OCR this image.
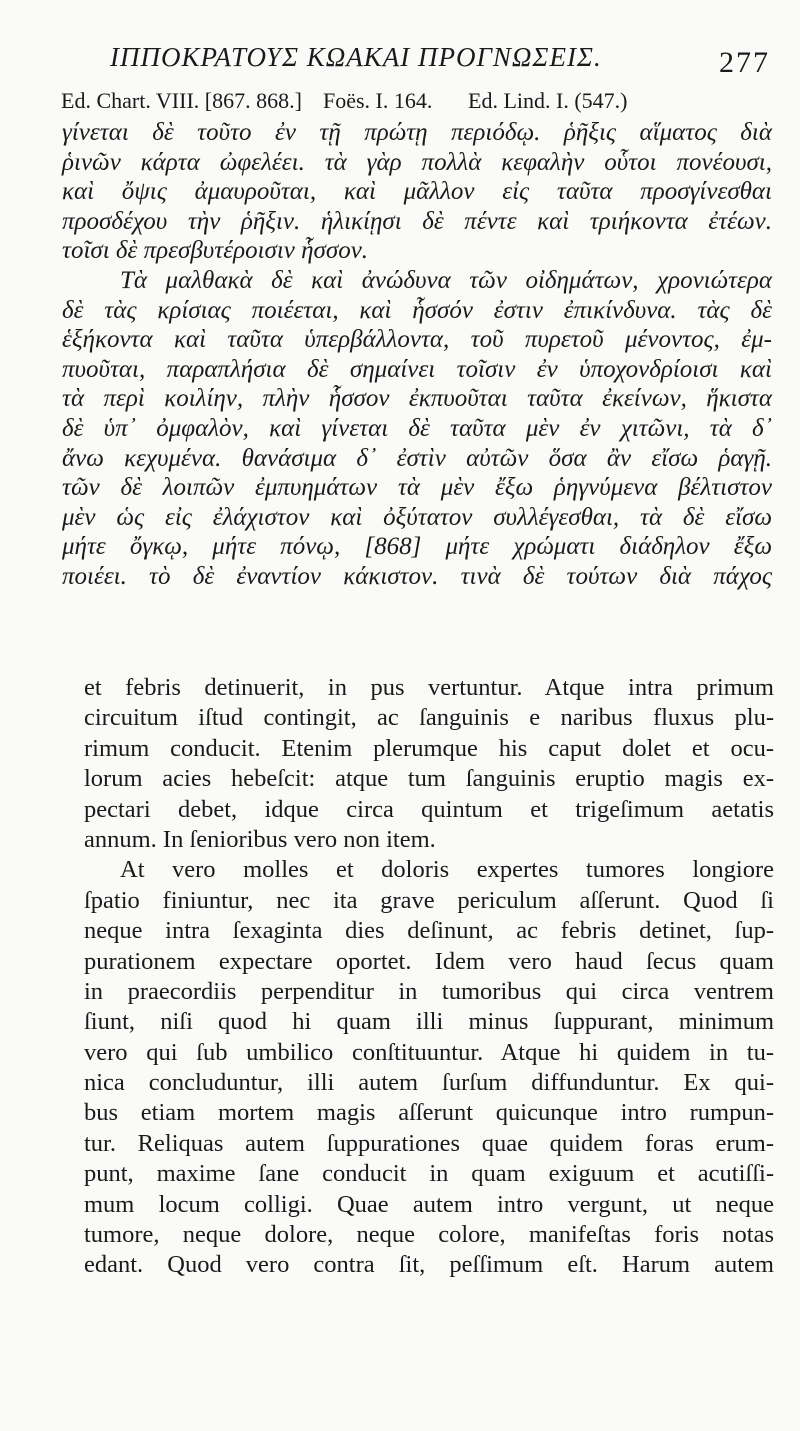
ΙΠΠΟΚΡΑΤΟΥΣ ΚΩΑΚΑΙ ΠΡΟΓΝΩΣΕΙΣ.	277
Ed. Chart. VIII. [867. 868.] Foës. I. 164. Ed. Lind. I. (547.)
γίνεται δὲ τοῦτο ἐν τῇ πρώτῃ περιόδῳ. ῥῆξις αἵματος διὰ
ῥινῶν κάρτα ὠφελέει. τὰ γὰρ πολλὰ κεφαλὴν οὗτοι πονέουσι,
καὶ ὄψις ἀμαυροῦται, καὶ μᾶλλον εἰς ταῦτα προσγίνεσθαι
προσδέχου τὴν ῥῆξιν. ἡλικίῃσι δὲ πέντε καὶ τριήκοντα ἐτέων.
τοῖσι δὲ πρεσβυτέροισιν ἧσσον.
Τὰ μαλθακὰ δὲ καὶ ἀνώδυνα τῶν οἰδημάτων, χρονιώτερα
δὲ τὰς κρίσιας ποιέεται, καὶ ἧσσόν ἐστιν ἐπικίνδυνα. τὰς δὲ
ἑξήκοντα καὶ ταῦτα ὑπερβάλλοντα, τοῦ πυρετοῦ μένοντος, ἐμ-
πυοῦται, παραπλήσια δὲ σημαίνει τοῖσιν ἐν ὑποχονδρίοισι καὶ
τὰ περὶ κοιλίην, πλὴν ἧσσον ἐκπυοῦται ταῦτα ἐκείνων, ἥκιστα
δὲ ὑπ᾽ ὀμφαλὸν, καὶ γίνεται δὲ ταῦτα μὲν ἐν χιτῶνι, τὰ δ᾽
ἄνω κεχυμένα. θανάσιμα δ᾽ ἐστὶν αὐτῶν ὅσα ἂν εἴσω ῥαγῇ.
τῶν δὲ λοιπῶν ἐμπυημάτων τὰ μὲν ἔξω ῥηγνύμενα βέλτιστον
μὲν ὡς εἰς ἐλάχιστον καὶ ὀξύτατον συλλέγεσθαι, τὰ δὲ εἴσω
μήτε ὄγκῳ, μήτε πόνῳ, [868] μήτε χρώματι διάδηλον ἔξω
ποιέει. τὸ δὲ ἐναντίον κάκιστον. τινὰ δὲ τούτων διὰ πάχος
et febris detinuerit, in pus vertuntur. Atque intra primum
circuitum iſtud contingit, ac ſanguinis e naribus fluxus plu-
rimum conducit. Etenim plerumque his caput dolet et ocu-
lorum acies hebeſcit: atque tum ſanguinis eruptio magis ex-
pectari debet, idque circa quintum et trigeſimum aetatis
annum. In ſenioribus vero non item.
At vero molles et doloris expertes tumores longiore
ſpatio finiuntur, nec ita grave periculum aſſerunt. Quod ſi
neque intra ſexaginta dies deſinunt, ac febris detinet, ſup-
purationem expectare oportet. Idem vero haud ſecus quam
in praecordiis perpenditur in tumoribus qui circa ventrem
ſiunt, niſi quod hi quam illi minus ſuppurant, minimum
vero qui ſub umbilico conſtituuntur. Atque hi quidem in tu-
nica concluduntur, illi autem ſurſum diffunduntur. Ex qui-
bus etiam mortem magis aſſerunt quicunque intro rumpun-
tur. Reliquas autem ſuppurationes quae quidem foras erum-
punt, maxime ſane conducit in quam exiguum et acutiſſi-
mum locum colligi. Quae autem intro vergunt, ut neque
tumore, neque dolore, neque colore, manifeſtas foris notas
edant. Quod vero contra ſit, peſſimum eſt. Harum autem
